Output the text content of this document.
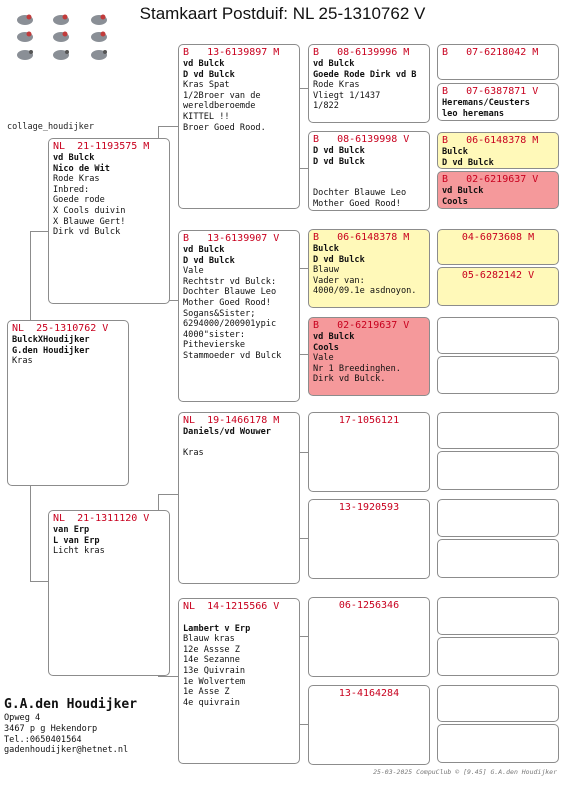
Stamkaart Postduif: NL 25-1310762 V
collage_houdijker
NL  25-1310762 V
BulckXHoudijker
G.den Houdijker
Kras
NL  21-1193575 M
vd Bulck
Nico de Wit
Rode Kras
Inbred:
Goede rode
X Cools duivin
X Blauwe Gert!
Dirk vd Bulck
NL  21-1311120 V
van Erp
L van Erp
Licht kras
B   13-6139897 M
vd Bulck
D vd Bulck
Kras Spat
1/2Broer van de
wereldberoemde
KITTEL !!
Broer Goed Rood.
B   13-6139907 V
vd Bulck
D vd Bulck
Vale
Rechtstr vd Bulck:
Dochter Blauwe Leo
Mother Goed Rood!
Sogans&Sister;
6294000/200901ypic
4000"sister:
Pithevierske
Stammoeder vd Bulck
NL  19-1466178 M
Daniels/vd Wouwer
Kras
NL  14-1215566 V
Lambert v Erp
Blauw kras
12e Assse Z
14e Sezanne
13e Quivrain
1e Wolvertem
1e Asse Z
4e quivrain
B   08-6139996 M
vd Bulck
Goede Rode Dirk vd B
Rode Kras
Vliegt 1/1437
1/822
B   08-6139998 V
D vd Bulck
D vd Bulck
Dochter Blauwe Leo
Mother Goed Rood!
B   06-6148378 M
Bulck
D vd Bulck
Blauw
Vader van:
4000/09.1e asdnoyon.
B   02-6219637 V
vd Bulck
Cools
Vale
Nr 1 Breedinghen.
Dirk vd Bulck.
17-1056121
13-1920593
06-1256346
13-4164284
B   07-6218042 M
B   07-6387871 V
Heremans/Ceusters
leo heremans
B   06-6148378 M
Bulck
D vd Bulck
B   02-6219637 V
vd Bulck
Cools
04-6073608 M
05-6282142 V
G.A.den Houdijker
Opweg 4
3467 p g Hekendorp
Tel.:0650401564
gadenhoudijker@hetnet.nl
25-03-2025 CompuClub © [9.45] G.A.den Houdijker
